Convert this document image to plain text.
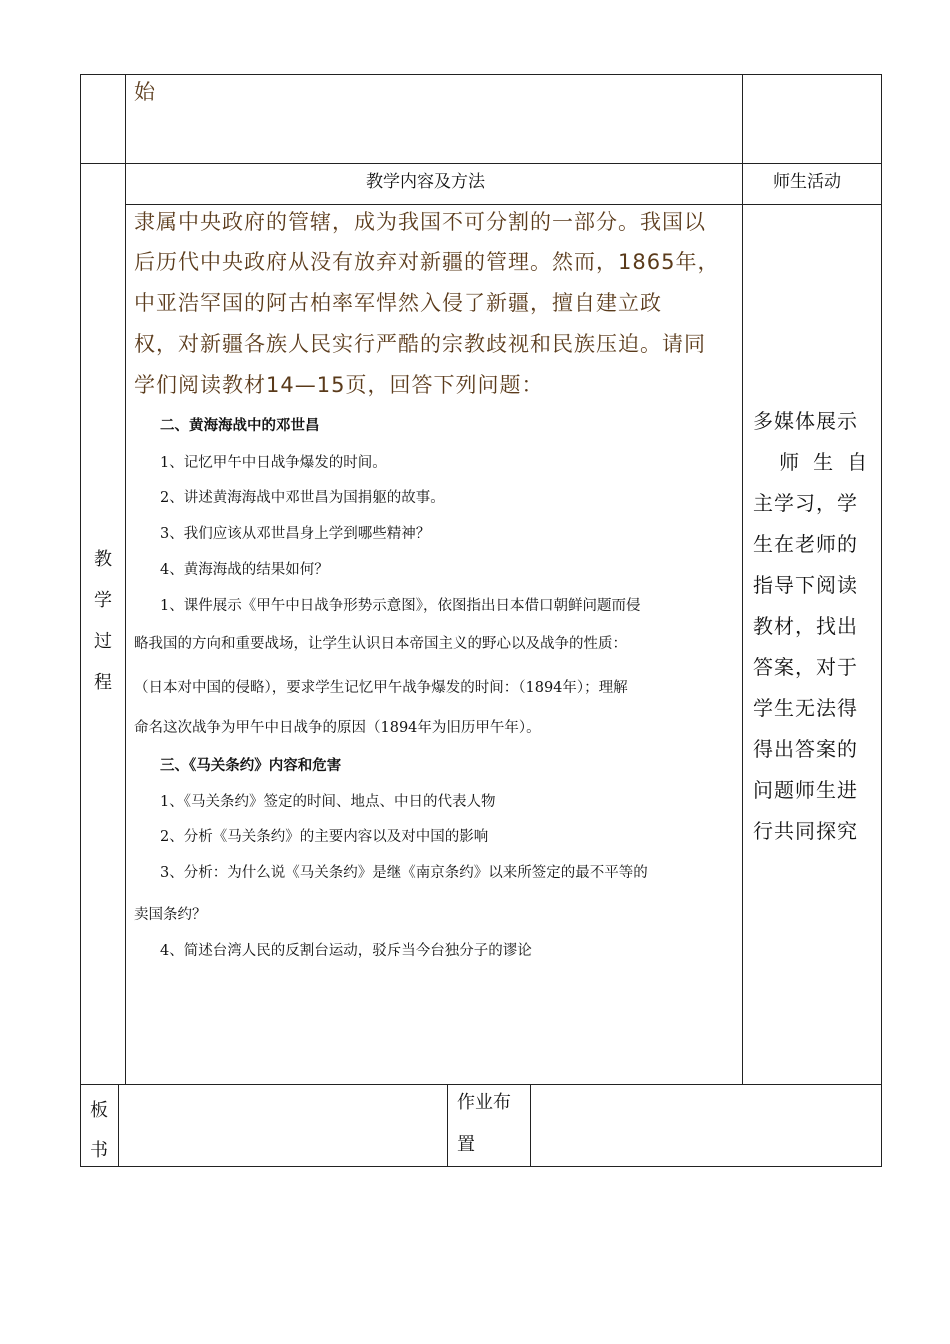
始
教学内容及方法	师生活动
教
学
过
程
隶属中央政府的管辖，成为我国不可分割的一部分。我国以
后历代中央政府从没有放弃对新疆的管理。然而，1865年，
中亚浩罕国的阿古柏率军悍然入侵了新疆，擅自建立政
权，对新疆各族人民实行严酷的宗教歧视和民族压迫。请同
学们阅读教材14—15页，回答下列问题：
二、黄海海战中的邓世昌
1、记忆甲午中日战争爆发的时间。
2、讲述黄海海战中邓世昌为国捐躯的故事。
3、我们应该从邓世昌身上学到哪些精神？
4、黄海海战的结果如何？
1、课件展示《甲午中日战争形势示意图》，依图指出日本借口朝鲜问题而侵
略我国的方向和重要战场，让学生认识日本帝国主义的野心以及战争的性质：
（日本对中国的侵略），要求学生记忆甲午战争爆发的时间：（1894年）；理解
命名这次战争为甲午中日战争的原因（1894年为旧历甲午年）。
三、《马关条约》内容和危害
1、《马关条约》签定的时间、地点、中日的代表人物
2、分析《马关条约》的主要内容以及对中国的影响
3、分析：为什么说《马关条约》是继《南京条约》以来所签定的最不平等的
卖国条约？
4、简述台湾人民的反割台运动，驳斥当今台独分子的谬论
多媒体展示
师 生 自
主学习，学
生在老师的
指导下阅读
教材，找出
答案，对于
学生无法得
得出答案的
问题师生进
行共同探究
板
书
作业布
置
